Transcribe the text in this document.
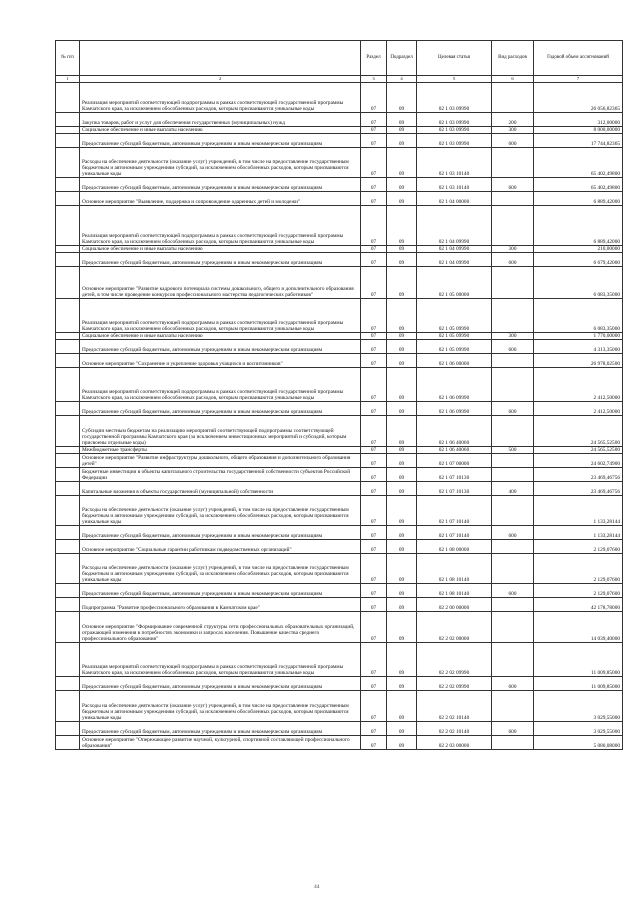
№ п/п		Раздел	Подраздел	Целевая статья	Вид расходов	Годовой объем ассигнований
1	2	3	4	5	6	7
	Реализация мероприятий соответствующей подпрограммы в рамках соответствующей государственной программы Камчатского края, за исключением обособленных расходов, которым присваиваются уникальные коды	07	09	02 1 03 09990		26 056,82365
	Закупка товаров, работ и услуг для обеспечения государственных (муниципальных) нужд	07	09	02 1 03 09990	200	312,00000
	Социальное обеспечение и иные выплаты населению	07	09	02 1 03 09990	300	8 000,00000
	Предоставление субсидий бюджетным, автономным учреждениям и иным некоммерческим организациям	07	09	02 1 03 09990	600	17 744,82365
	Расходы на обеспечение деятельности (оказание услуг) учреждений, в том числе на предоставление государственным бюджетным и автономным учреждениям субсидий, за исключением обособленных расходов, которым присваиваются уникальные коды	07	09	02 1 03 10140		65 402,49800
	Предоставление субсидий бюджетным, автономным учреждениям и иным некоммерческим организациям	07	09	02 1 03 10140	600	65 402,49800
	Основное мероприятие "Выявление, поддержка и сопровождение одаренных детей и молодежи"	07	09	02 1 04 00000		6 889,42000
	Реализация мероприятий соответствующей подпрограммы в рамках соответствующей государственной программы Камчатского края, за исключением обособленных расходов, которым присваиваются уникальные коды	07	09	02 1 04 09990		6 889,42000
	Социальное обеспечение и иные выплаты населению	07	09	02 1 04 09990	300	210,00000
	Предоставление субсидий бюджетным, автономным учреждениям и иным некоммерческим организациям	07	09	02 1 04 09990	600	6 679,42000
	Основное мероприятие "Развитие кадрового потенциала системы дошкольного, общего и дополнительного образования детей, в том числе проведение конкурсов профессионального мастерства педагогических работников"	07	09	02 1 05 00000		6 083,35000
	Реализация мероприятий соответствующей подпрограммы в рамках соответствующей государственной программы Камчатского края, за исключением обособленных расходов, которым присваиваются уникальные коды	07	09	02 1 05 09990		6 083,35000
	Социальное обеспечение и иные выплаты населению	07	09	02 1 05 09990	300	1 770,00000
	Предоставление субсидий бюджетным, автономным учреждениям и иным некоммерческим организациям	07	09	02 1 05 09990	600	4 313,35000
	Основное мероприятие "Сохранение и укрепление здоровья учащихся и воспитанников"	07	09	02 1 06 00000		26 978,02500
	Реализация мероприятий соответствующей подпрограммы в рамках соответствующей государственной программы Камчатского края, за исключением обособленных расходов, которым присваиваются уникальные коды	07	09	02 1 06 09990		2 412,50000
	Предоставление субсидий бюджетным, автономным учреждениям и иным некоммерческим организациям	07	09	02 1 06 09990	600	2 412,50000
	Субсидии местным бюджетам на реализацию мероприятий соответствующей подпрограммы соответствующей государственной программы Камчатского края (за исключением инвестиционных мероприятий и субсидий, которым присвоены отдельные коды)	07	09	02 1 06 40060		24 565,52500
	Межбюджетные трансферты	07	09	02 1 06 40060	500	24 565,52500
	Основное мероприятие "Развитие инфраструктуры дошкольного, общего образования и дополнительного образования детей"	07	09	02 1 07 00000		24 602,74900
	Бюджетные инвестиции в объекты капитального строительства государственной собственности субъектов Российской Федерации	07	09	02 1 07 10130		23 469,46756
	Капитальные вложения в объекты государственной (муниципальной) собственности	07	09	02 1 07 10130	400	23 469,46756
	Расходы на обеспечение деятельности (оказание услуг) учреждений, в том числе на предоставление государственным бюджетным и автономным учреждениям субсидий, за исключением обособленных расходов, которым присваиваются уникальные коды	07	09	02 1 07 10140		1 133,28144
	Предоставление субсидий бюджетным, автономным учреждениям и иным некоммерческим организациям	07	09	02 1 07 10140	600	1 133,28144
	Основное мероприятие "Социальные гарантии работникам подведомственных организаций"	07	09	02 1 08 00000		2 129,07600
	Расходы на обеспечение деятельности (оказание услуг) учреждений, в том числе на предоставление государственным бюджетным и автономным учреждениям субсидий, за исключением обособленных расходов, которым присваиваются уникальные коды	07	09	02 1 08 10140		2 129,07600
	Предоставление субсидий бюджетным, автономным учреждениям и иным некоммерческим организациям	07	09	02 1 08 10140	600	2 129,07600
	Подпрограмма "Развитие профессионального образования в Камчатском крае"	07	09	02 2 00 00000		42 178,78000
	Основное мероприятие "Формирование современной структуры сети профессиональных образовательных организаций, отражающей изменения в потребностях экономики и запросах населения. Повышение качества среднего профессионального образования"	07	09	02 2 02 00000		14 039,40000
	Реализация мероприятий соответствующей подпрограммы в рамках соответствующей государственной программы Камчатского края, за исключением обособленных расходов, которым присваиваются уникальные коды	07	09	02 2 02 09990		11 009,85000
	Предоставление субсидий бюджетным, автономным учреждениям и иным некоммерческим организациям	07	09	02 2 02 09990	600	11 009,85000
	Расходы на обеспечение деятельности (оказание услуг) учреждений, в том числе на предоставление государственным бюджетным и автономным учреждениям субсидий, за исключением обособленных расходов, которым присваиваются уникальные коды	07	09	02 2 02 10140		3 029,55000
	Предоставление субсидий бюджетным, автономным учреждениям и иным некоммерческим организациям	07	09	02 2 02 10140	600	3 029,55000
	Основное мероприятие "Опережающее развитие научной, культурной, спортивной составляющей профессионального образования"	07	09	02 2 03 00000		5 080,08000
44
